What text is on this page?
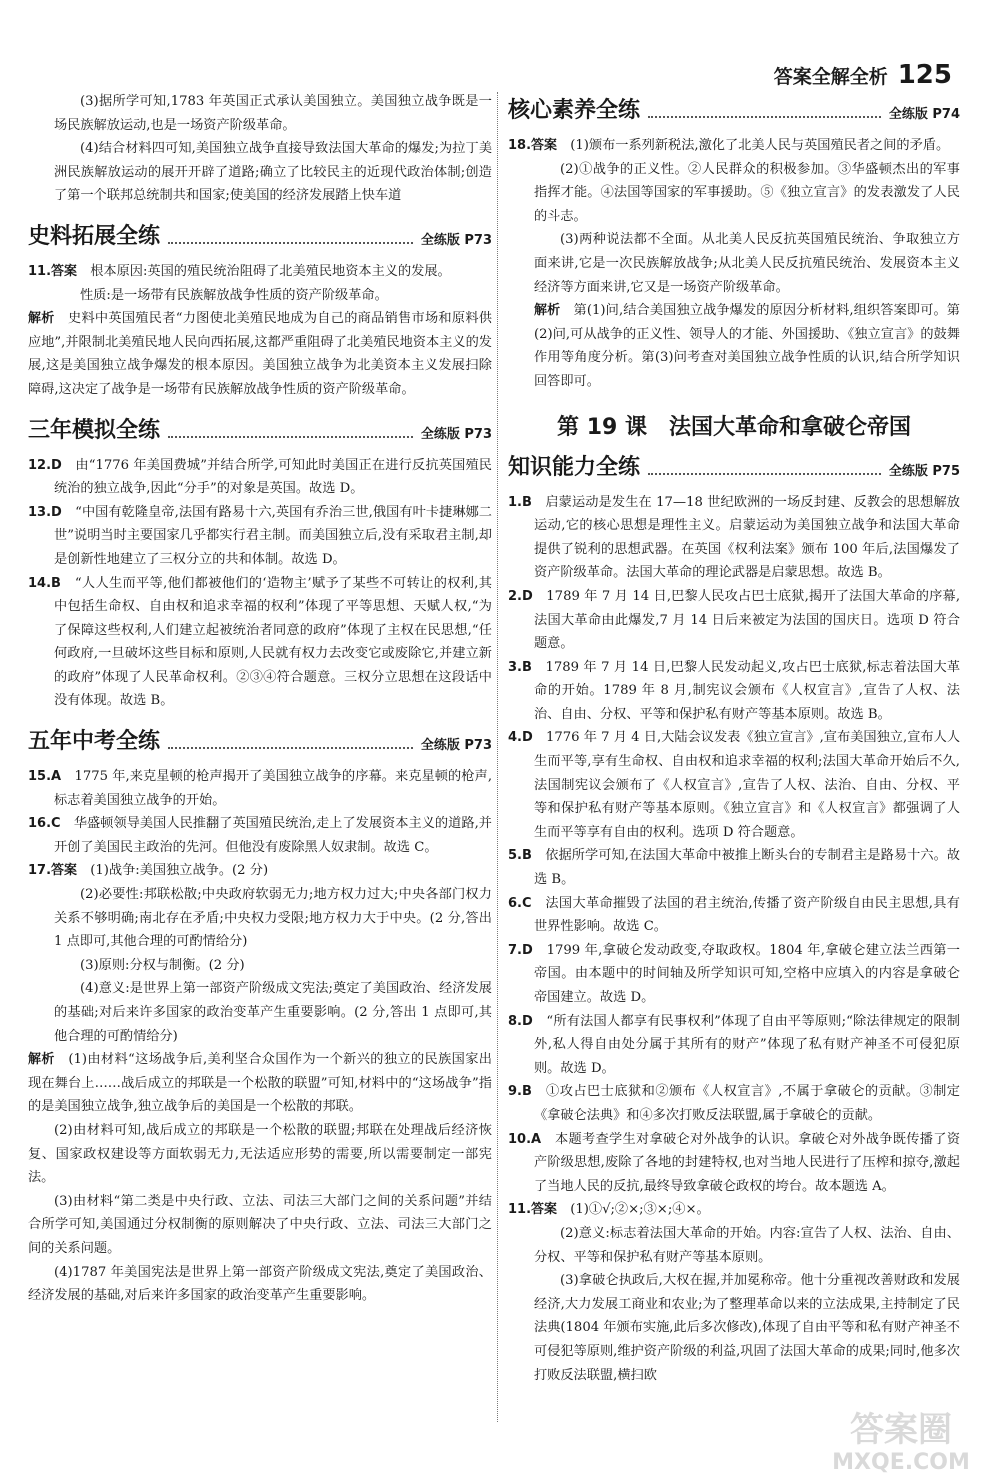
答案全解全析 125

(3)据所学可知,1783 年英国正式承认美国独立。美国独立战争既是一场民族解放运动,也是一场资产阶级革命。

(4)结合材料四可知,美国独立战争直接导致法国大革命的爆发;为拉丁美洲民族解放运动的展开开辟了道路;确立了比较民主的近现代政治体制;创造了第一个联邦总统制共和国家;使美国的经济发展踏上快车道

史料拓展全练	全练版 P73

11.答案　 根本原因:英国的殖民统治阻碍了北美殖民地资本主义的发展。

性质:是一场带有民族解放战争性质的资产阶级革命。

解析　 史料中英国殖民者“力图使北美殖民地成为自己的商品销售市场和原料供应地”,并限制北美殖民地人民向西拓展,这都严重阻碍了北美殖民地资本主义的发展,这是美国独立战争爆发的根本原因。美国独立战争为北美资本主义发展扫除障碍,这决定了战争是一场带有民族解放战争性质的资产阶级革命。

三年模拟全练	全练版 P73

12.D　 由“1776 年美国费城”并结合所学,可知此时美国正在进行反抗英国殖民统治的独立战争,因此“分手”的对象是英国。故选 D。

13.D　 “中国有乾隆皇帝,法国有路易十六,英国有乔治三世,俄国有叶卡捷琳娜二世”说明当时主要国家几乎都实行君主制。而美国独立后,没有采取君主制,却是创新性地建立了三权分立的共和体制。故选 D。

14.B　 “人人生而平等,他们都被他们的‘造物主’赋予了某些不可转让的权利,其中包括生命权、自由权和追求幸福的权利”体现了平等思想、天赋人权,“为了保障这些权利,人们建立起被统治者同意的政府”体现了主权在民思想,“任何政府,一旦破坏这些目标和原则,人民就有权力去改变它或废除它,并建立新的政府”体现了人民革命权利。②③④符合题意。三权分立思想在这段话中没有体现。故选 B。

五年中考全练	全练版 P73

15.A　 1775 年,来克星顿的枪声揭开了美国独立战争的序幕。来克星顿的枪声,标志着美国独立战争的开始。

16.C　 华盛顿领导美国人民推翻了英国殖民统治,走上了发展资本主义的道路,并开创了美国民主政治的先河。但他没有废除黑人奴隶制。故选 C。

17.答案　 (1)战争:美国独立战争。(2 分)

(2)必要性:邦联松散;中央政府软弱无力;地方权力过大;中央各部门权力关系不够明确;南北存在矛盾;中央权力受限;地方权力大于中央。(2 分,答出 1 点即可,其他合理的可酌情给分)

(3)原则:分权与制衡。(2 分)

(4)意义:是世界上第一部资产阶级成文宪法;奠定了美国政治、经济发展的基础;对后来许多国家的政治变革产生重要影响。(2 分,答出 1 点即可,其他合理的可酌情给分)

解析　 (1)由材料“这场战争后,美利坚合众国作为一个新兴的独立的民族国家出现在舞台上……战后成立的邦联是一个松散的联盟”可知,材料中的“这场战争”指的是美国独立战争,独立战争后的美国是一个松散的邦联。

(2)由材料可知,战后成立的邦联是一个松散的联盟;邦联在处理战后经济恢复、国家政权建设等方面软弱无力,无法适应形势的需要,所以需要制定一部宪法。

(3)由材料“第二类是中央行政、立法、司法三大部门之间的关系问题”并结合所学可知,美国通过分权制衡的原则解决了中央行政、立法、司法三大部门之间的关系问题。

(4)1787 年美国宪法是世界上第一部资产阶级成文宪法,奠定了美国政治、经济发展的基础,对后来许多国家的政治变革产生重要影响。

核心素养全练	全练版 P74

18.答案　 (1)颁布一系列新税法,激化了北美人民与英国殖民者之间的矛盾。

(2)①战争的正义性。②人民群众的积极参加。③华盛顿杰出的军事指挥才能。④法国等国家的军事援助。⑤《独立宣言》的发表激发了人民的斗志。

(3)两种说法都不全面。从北美人民反抗英国殖民统治、争取独立方面来讲,它是一次民族解放战争;从北美人民反抗殖民统治、发展资本主义经济等方面来讲,它又是一场资产阶级革命。

解析　 第(1)问,结合美国独立战争爆发的原因分析材料,组织答案即可。第(2)问,可从战争的正义性、领导人的才能、外国援助、《独立宣言》的鼓舞作用等角度分析。第(3)问考查对美国独立战争性质的认识,结合所学知识回答即可。

第 19 课　法国大革命和拿破仑帝国
知识能力全练	全练版 P75

1.B　 启蒙运动是发生在 17—18 世纪欧洲的一场反封建、反教会的思想解放运动,它的核心思想是理性主义。启蒙运动为美国独立战争和法国大革命提供了锐利的思想武器。在英国《权利法案》颁布 100 年后,法国爆发了资产阶级革命。法国大革命的理论武器是启蒙思想。故选 B。

2.D　 1789 年 7 月 14 日,巴黎人民攻占巴士底狱,揭开了法国大革命的序幕,法国大革命由此爆发,7 月 14 日后来被定为法国的国庆日。选项 D 符合题意。

3.B　 1789 年 7 月 14 日,巴黎人民发动起义,攻占巴士底狱,标志着法国大革命的开始。1789 年 8 月,制宪议会颁布《人权宣言》,宣告了人权、法治、自由、分权、平等和保护私有财产等基本原则。故选 B。

4.D　 1776 年 7 月 4 日,大陆会议发表《独立宣言》,宣布美国独立,宣布人人生而平等,享有生命权、自由权和追求幸福的权利;法国大革命开始后不久,法国制宪议会颁布了《人权宣言》,宣告了人权、法治、自由、分权、平等和保护私有财产等基本原则。《独立宣言》和《人权宣言》都强调了人生而平等享有自由的权利。选项 D 符合题意。

5.B　 依据所学可知,在法国大革命中被推上断头台的专制君主是路易十六。故选 B。

6.C　 法国大革命摧毁了法国的君主统治,传播了资产阶级自由民主思想,具有世界性影响。故选 C。

7.D　 1799 年,拿破仑发动政变,夺取政权。1804 年,拿破仑建立法兰西第一帝国。由本题中的时间轴及所学知识可知,空格中应填入的内容是拿破仑帝国建立。故选 D。

8.D　 “所有法国人都享有民事权利”体现了自由平等原则;“除法律规定的限制外,私人得自由处分属于其所有的财产”体现了私有财产神圣不可侵犯原则。故选 D。

9.B　 ①攻占巴士底狱和②颁布《人权宣言》,不属于拿破仑的贡献。③制定《拿破仑法典》和④多次打败反法联盟,属于拿破仑的贡献。

10.A　 本题考查学生对拿破仑对外战争的认识。拿破仑对外战争既传播了资产阶级思想,废除了各地的封建特权,也对当地人民进行了压榨和掠夺,激起了当地人民的反抗,最终导致拿破仑政权的垮台。故本题选 A。

11.答案　 (1)①√;②×;③×;④×。

(2)意义:标志着法国大革命的开始。内容:宣告了人权、法治、自由、分权、平等和保护私有财产等基本原则。

(3)拿破仑执政后,大权在握,并加冕称帝。他十分重视改善财政和发展经济,大力发展工商业和农业;为了整理革命以来的立法成果,主持制定了民法典(1804 年颁布实施,此后多次修改),体现了自由平等和私有财产神圣不可侵犯等原则,维护资产阶级的利益,巩固了法国大革命的成果;同时,他多次打败反法联盟,横扫欧

答案圈
MXQE.COM
